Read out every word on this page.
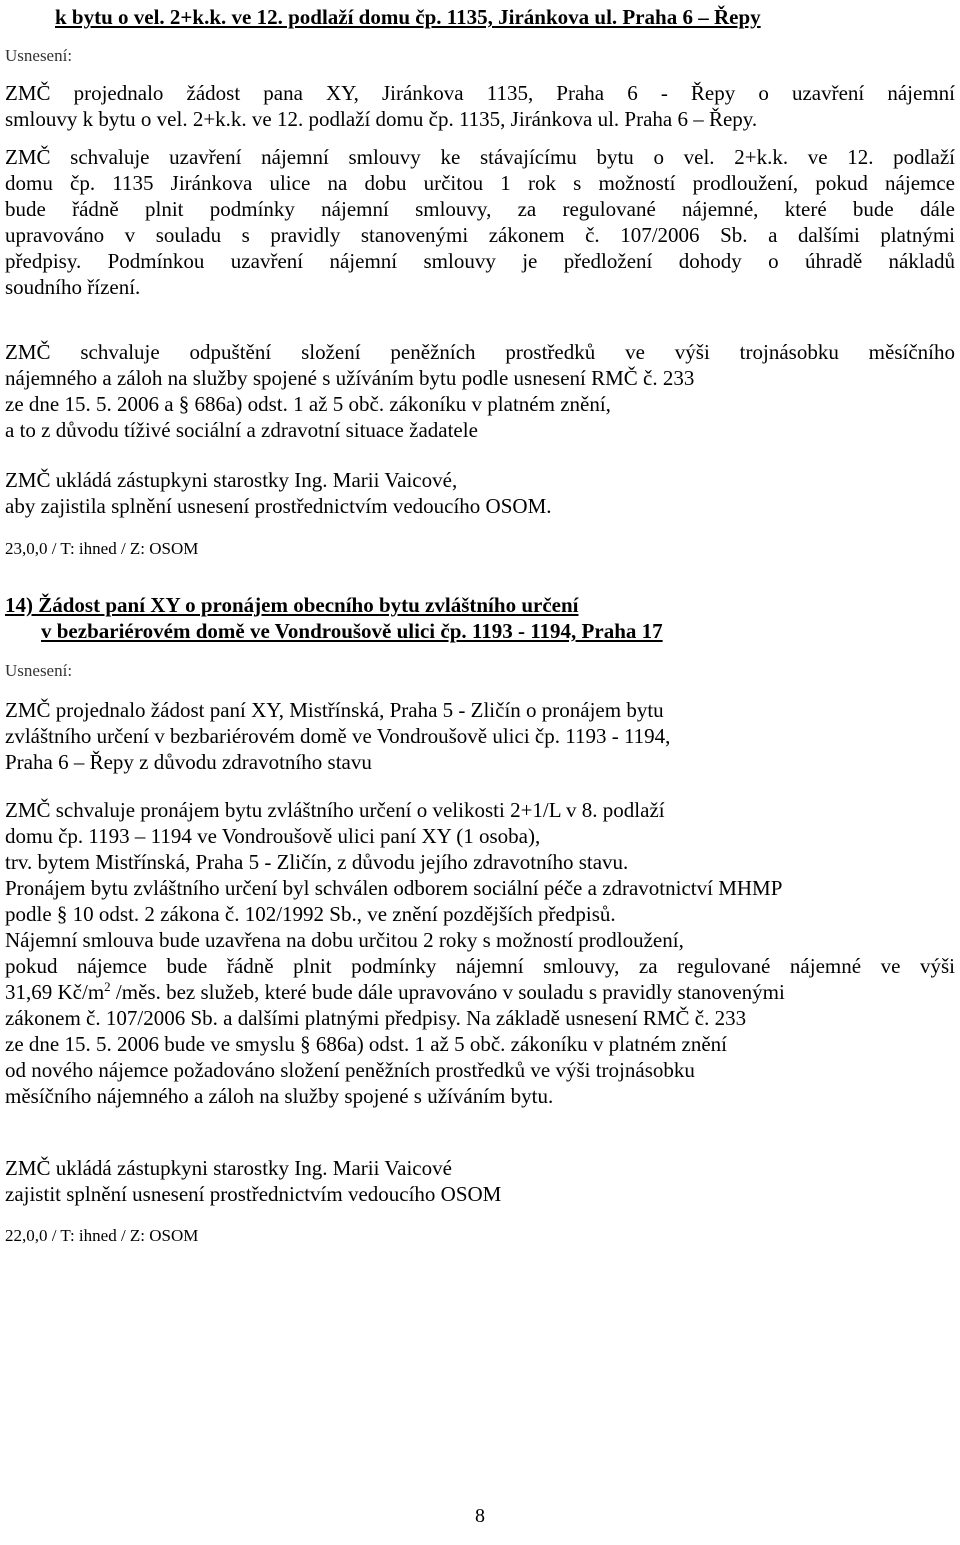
k bytu o vel. 2+k.k. ve 12. podlaží domu čp. 1135, Jiránkova ul. Praha 6 – Řepy
Usnesení:
ZMČ projednalo žádost pana XY, Jiránkova 1135, Praha 6 - Řepy o uzavření nájemní
smlouvy k bytu o vel. 2+k.k. ve 12. podlaží domu čp. 1135, Jiránkova ul. Praha 6 – Řepy.
ZMČ schvaluje uzavření nájemní smlouvy ke stávajícímu bytu o vel. 2+k.k. ve 12. podlaží
domu čp. 1135 Jiránkova ulice na dobu určitou 1 rok s možností prodloužení, pokud nájemce
bude řádně plnit podmínky nájemní smlouvy, za regulované nájemné, které bude dále
upravováno v souladu s pravidly stanovenými zákonem č. 107/2006 Sb. a dalšími platnými
předpisy. Podmínkou uzavření nájemní smlouvy je předložení dohody o úhradě nákladů
soudního řízení.
ZMČ schvaluje odpuštění složení peněžních prostředků ve výši trojnásobku měsíčního
nájemného a záloh na služby spojené s užíváním bytu podle usnesení RMČ č. 233
ze dne 15. 5. 2006 a § 686a) odst. 1 až 5 obč. zákoníku v platném znění,
a to z důvodu tíživé sociální a zdravotní situace žadatele
ZMČ ukládá zástupkyni starostky Ing. Marii Vaicové,
aby zajistila splnění usnesení prostřednictvím vedoucího OSOM.
23,0,0 / T: ihned / Z: OSOM
14) Žádost paní XY o pronájem obecního bytu zvláštního určení
v bezbariérovém domě ve Vondroušově ulici čp. 1193 - 1194, Praha 17
Usnesení:
ZMČ projednalo žádost paní XY, Mistřínská, Praha 5 - Zličín o pronájem bytu
zvláštního určení v bezbariérovém domě ve Vondroušově ulici čp. 1193 - 1194,
Praha 6 – Řepy z důvodu zdravotního stavu
ZMČ schvaluje pronájem bytu zvláštního určení o velikosti 2+1/L v 8. podlaží
domu čp. 1193 – 1194 ve Vondroušově ulici paní XY (1 osoba),
trv. bytem Mistřínská, Praha 5 - Zličín, z důvodu jejího zdravotního stavu.
Pronájem bytu zvláštního určení byl schválen odborem sociální péče a zdravotnictví MHMP
podle § 10 odst. 2 zákona č. 102/1992 Sb., ve znění pozdějších předpisů.
Nájemní smlouva bude uzavřena na dobu určitou 2 roky s možností prodloužení,
pokud nájemce bude řádně plnit podmínky nájemní smlouvy, za regulované nájemné ve výši
31,69 $Kč/m^2$ /měs. bez služeb, které bude dále upravováno v souladu s pravidly stanovenými
zákonem č. 107/2006 Sb. a dalšími platnými předpisy. Na základě usnesení RMČ č. 233
ze dne 15. 5. 2006 bude ve smyslu § 686a) odst. 1 až 5 obč. zákoníku v platném znění
od nového nájemce požadováno složení peněžních prostředků ve výši trojnásobku
měsíčního nájemného a záloh na služby spojené s užíváním bytu.
ZMČ ukládá zástupkyni starostky Ing. Marii Vaicové
zajistit splnění usnesení prostřednictvím vedoucího OSOM
22,0,0 / T: ihned / Z: OSOM
8
